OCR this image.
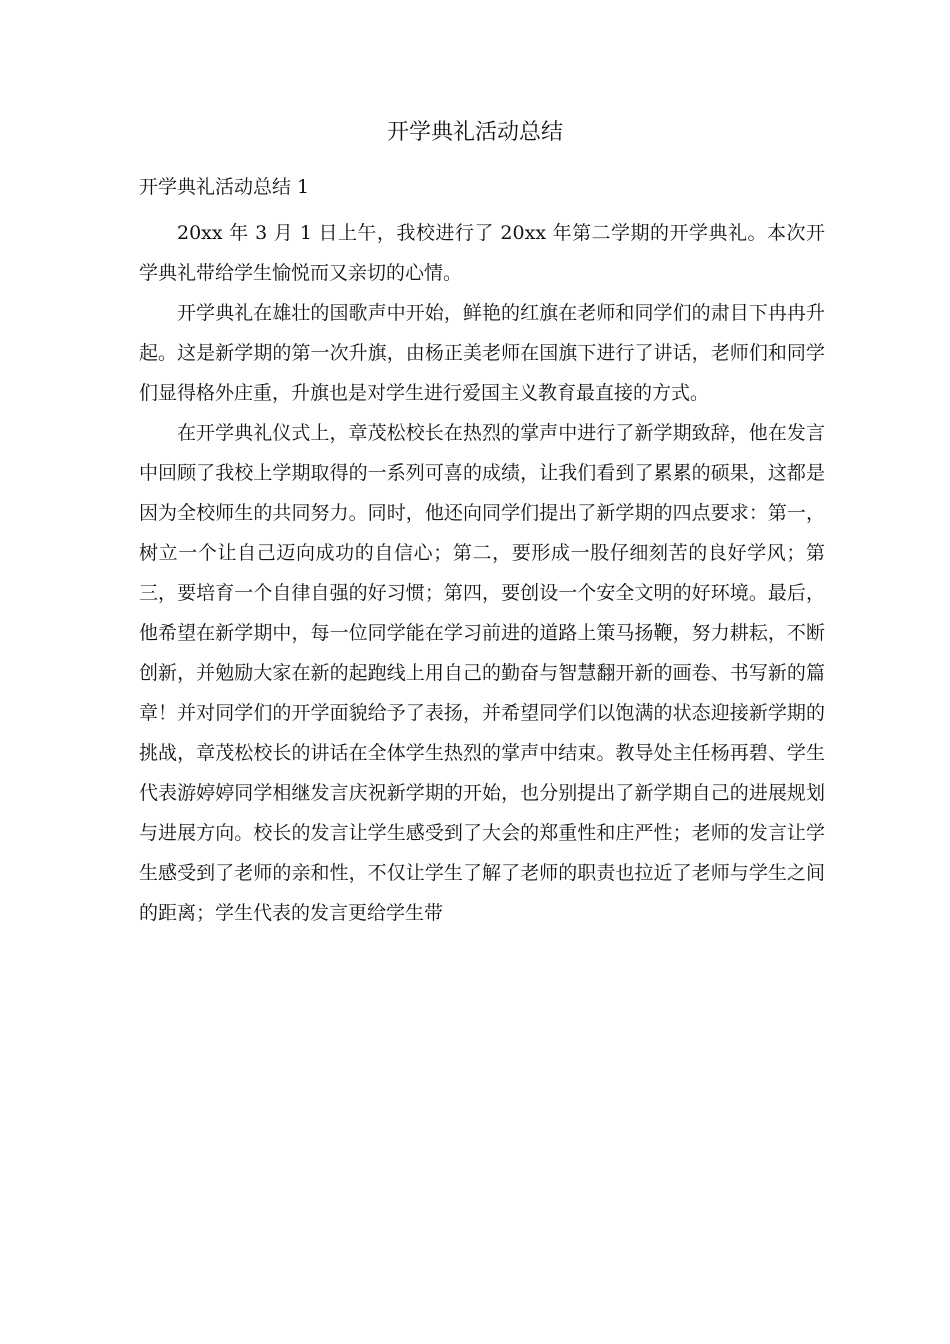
开学典礼活动总结
开学典礼活动总结 1

20xx 年 3 月 1 日上午，我校进行了 20xx 年第二学期的开学典礼。本次开学典礼带给学生愉悦而又亲切的心情。

开学典礼在雄壮的国歌声中开始，鲜艳的红旗在老师和同学们的肃目下冉冉升起。这是新学期的第一次升旗，由杨正美老师在国旗下进行了讲话，老师们和同学们显得格外庄重，升旗也是对学生进行爱国主义教育最直接的方式。

在开学典礼仪式上，章茂松校长在热烈的掌声中进行了新学期致辞，他在发言中回顾了我校上学期取得的一系列可喜的成绩，让我们看到了累累的硕果，这都是因为全校师生的共同努力。同时，他还向同学们提出了新学期的四点要求：第一，树立一个让自己迈向成功的自信心；第二，要形成一股仔细刻苦的良好学风；第三，要培育一个自律自强的好习惯；第四，要创设一个安全文明的好环境。最后，他希望在新学期中，每一位同学能在学习前进的道路上策马扬鞭，努力耕耘，不断创新，并勉励大家在新的起跑线上用自己的勤奋与智慧翻开新的画卷、书写新的篇章！并对同学们的开学面貌给予了表扬，并希望同学们以饱满的状态迎接新学期的挑战，章茂松校长的讲话在全体学生热烈的掌声中结束。教导处主任杨再碧、学生代表游婷婷同学相继发言庆祝新学期的开始，也分别提出了新学期自己的进展规划与进展方向。校长的发言让学生感受到了大会的郑重性和庄严性；老师的发言让学生感受到了老师的亲和性，不仅让学生了解了老师的职责也拉近了老师与学生之间的距离；学生代表的发言更给学生带
